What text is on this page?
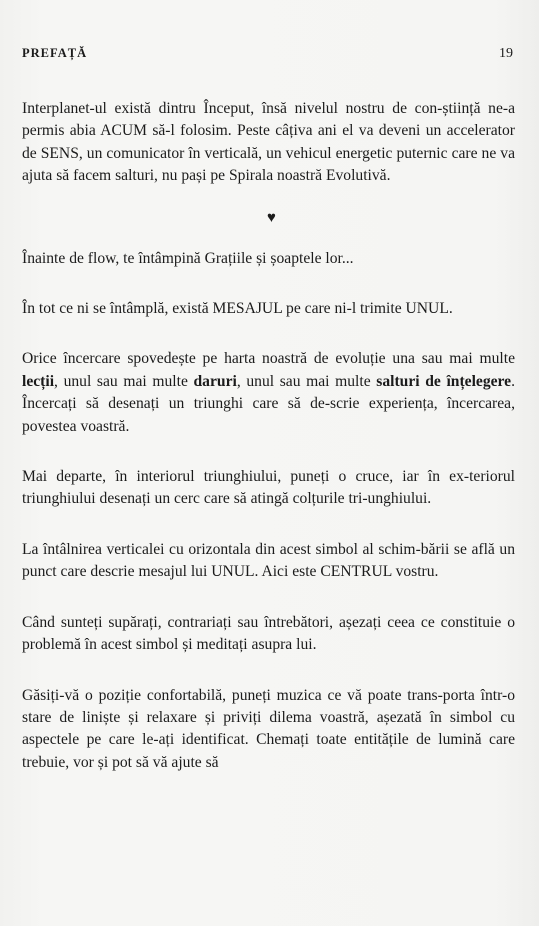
PREFAȚĂ	19

Interplanet-ul există dintru Început, însă nivelul nostru de con-știință ne-a permis abia ACUM să-l folosim. Peste câțiva ani el va deveni un accelerator de SENS, un comunicator în verticală, un vehicul energetic puternic care ne va ajuta să facem salturi, nu pași pe Spirala noastră Evolutivă.

♥

Înainte de flow, te întâmpină Grațiile și șoaptele lor...

În tot ce ni se întâmplă, există MESAJUL pe care ni-l trimite UNUL.

Orice încercare spovedește pe harta noastră de evoluție una sau mai multe lecții, unul sau mai multe daruri, unul sau mai multe salturi de înțelegere. Încercați să desenați un triunghi care să de-scrie experiența, încercarea, povestea voastră.

Mai departe, în interiorul triunghiului, puneți o cruce, iar în ex-teriorul triunghiului desenați un cerc care să atingă colțurile tri-unghiului.

La întâlnirea verticalei cu orizontala din acest simbol al schim-bării se află un punct care descrie mesajul lui UNUL. Aici este CENTRUL vostru.

Când sunteți supărați, contrariați sau întrebători, așezați ceea ce constituie o problemă în acest simbol și meditați asupra lui.

Găsiți-vă o poziție confortabilă, puneți muzica ce vă poate trans-porta într-o stare de liniște și relaxare și priviți dilema voastră, așezată în simbol cu aspectele pe care le-ați identificat. Chemați toate entitățile de lumină care trebuie, vor și pot să vă ajute să
